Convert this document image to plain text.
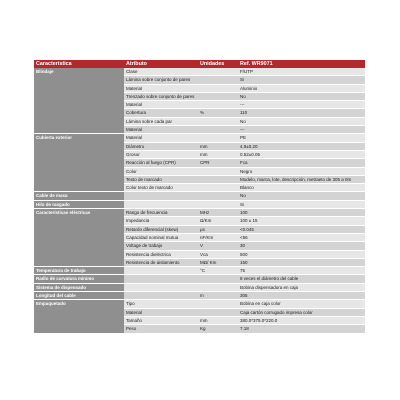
Característica	Atributo	Unidades	Ref. WR9071
Blindaje	Clase		F/UTP
	Lámina sobre conjunto de pares		Si
	Material		Aluminio
	Trenzado sobre conjunto de pares		No
	Material		---
	Cobertura	%	110
	Lámina sobre cada par		No
	Material		---
Cubierta exterior	Material		PE
	Diámetro	mm	4.9±0.20
	Grosor	mm	0.52±0.05
	Reacción al fuego (CPR)	CPR	Fca
	Color		Negro
	Texto de marcado		Modelo, marca, lote, descripción, metraeto de 305 a 0m
	Color texto de marcado		Blanco
Cable de masa			No
Hilo de rasgado			Si
Características eléctricas	Rango de frecuencia	MHz	100
	Impedancia	Ω/Km	100 ± 15
	Retardo diferencial (skew)	μs	<0.045
	Capacidad nominal mutua	nF/Km	<56
	Voltage de trabajo	V	30
	Resistencia dieléctrica	Vca	500
	Resistencia de aislamiento	MΩ/ Km	150
Temperatura de trabajo		°C	75
Radio de curvatura mínimo			8 veces el diámetro del cable
Sistema de dispensado			Bobina dispensadora en caja
Longitud del cable		m	305
Empaquetado	Tipo		Bobina en caja color
	Material		Caja cartón corrugado impresa color
	Tamaño	mm	380.0*375.0*220.0
	Peso	Kg	7.18
